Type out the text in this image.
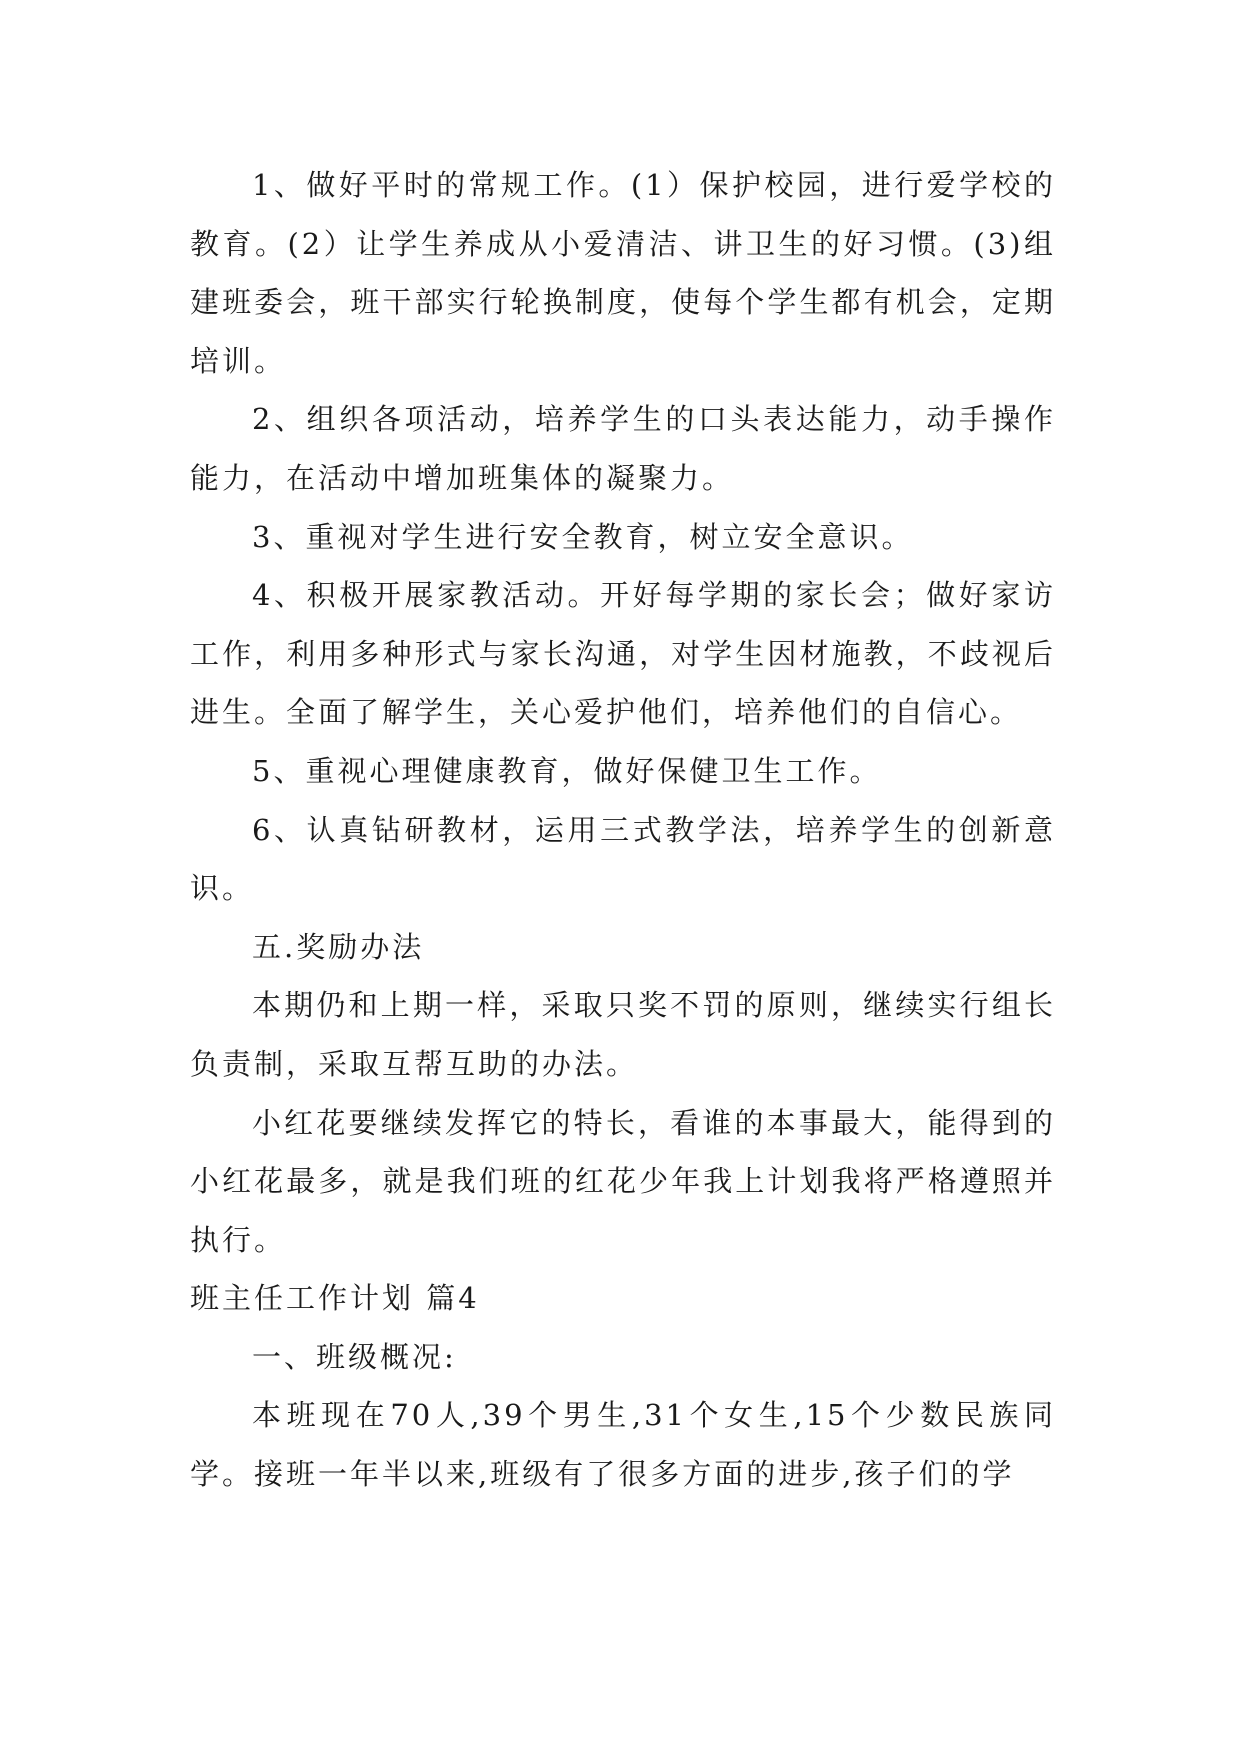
1、做好平时的常规工作。(1）保护校园，进行爱学校的教育。(2）让学生养成从小爱清洁、讲卫生的好习惯。(3)组建班委会，班干部实行轮换制度，使每个学生都有机会，定期培训。

2、组织各项活动，培养学生的口头表达能力，动手操作能力，在活动中增加班集体的凝聚力。

3、重视对学生进行安全教育，树立安全意识。

4、积极开展家教活动。开好每学期的家长会；做好家访工作，利用多种形式与家长沟通，对学生因材施教，不歧视后进生。全面了解学生，关心爱护他们，培养他们的自信心。

5、重视心理健康教育，做好保健卫生工作。

6、认真钻研教材，运用三式教学法，培养学生的创新意识。

五.奖励办法

本期仍和上期一样，采取只奖不罚的原则，继续实行组长负责制，采取互帮互助的办法。

小红花要继续发挥它的特长，看谁的本事最大，能得到的小红花最多，就是我们班的红花少年我上计划我将严格遵照并执行。

班主任工作计划 篇4

一、班级概况:

本班现在70人,39个男生,31个女生,15个少数民族同学。接班一年半以来,班级有了很多方面的进步,孩子们的学
